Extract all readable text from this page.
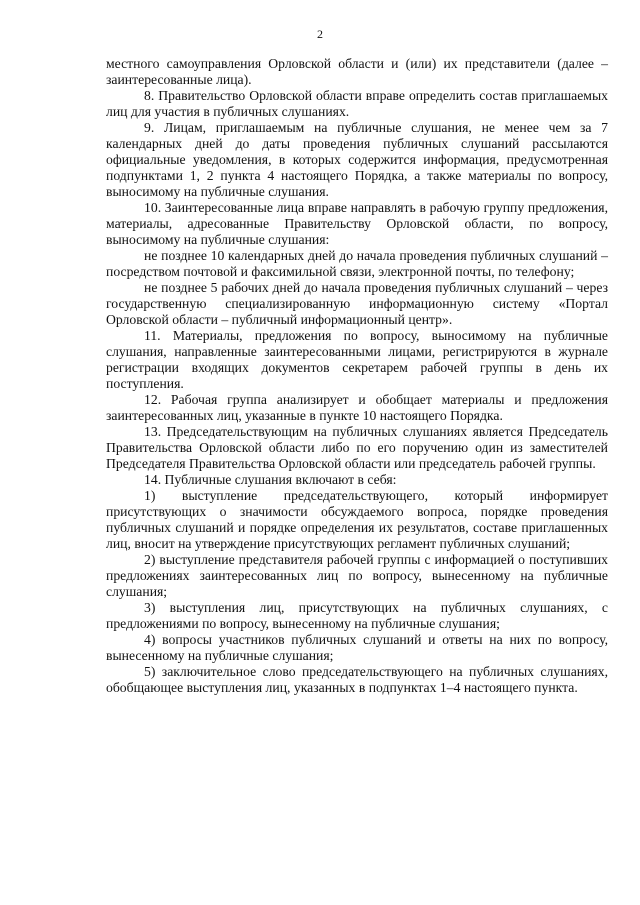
2

местного самоуправления Орловской области и (или) их представители (далее – заинтересованные лица).

8. Правительство Орловской области вправе определить состав приглашаемых лиц для участия в публичных слушаниях.

9. Лицам, приглашаемым на публичные слушания, не менее чем за 7 календарных дней до даты проведения публичных слушаний рассылаются официальные уведомления, в которых содержится информация, предусмотренная подпунктами 1, 2 пункта 4 настоящего Порядка, а также материалы по вопросу, выносимому на публичные слушания.

10. Заинтересованные лица вправе направлять в рабочую группу предложения, материалы, адресованные Правительству Орловской области, по вопросу, выносимому на публичные слушания:

не позднее 10 календарных дней до начала проведения публичных слушаний – посредством почтовой и факсимильной связи, электронной почты, по телефону;

не позднее 5 рабочих дней до начала проведения публичных слушаний – через государственную специализированную информационную систему «Портал Орловской области – публичный информационный центр».

11. Материалы, предложения по вопросу, выносимому на публичные слушания, направленные заинтересованными лицами, регистрируются в журнале регистрации входящих документов секретарем рабочей группы в день их поступления.

12. Рабочая группа анализирует и обобщает материалы и предложения заинтересованных лиц, указанные в пункте 10 настоящего Порядка.

13. Председательствующим на публичных слушаниях является Председатель Правительства Орловской области либо по его поручению один из заместителей Председателя Правительства Орловской области или председатель рабочей группы.

14. Публичные слушания включают в себя:

1) выступление председательствующего, который информирует присутствующих о значимости обсуждаемого вопроса, порядке проведения публичных слушаний и порядке определения их результатов, составе приглашенных лиц, вносит на утверждение присутствующих регламент публичных слушаний;

2) выступление представителя рабочей группы с информацией о поступивших предложениях заинтересованных лиц по вопросу, вынесенному на публичные слушания;

3) выступления лиц, присутствующих на публичных слушаниях, с предложениями по вопросу, вынесенному на публичные слушания;

4) вопросы участников публичных слушаний и ответы на них по вопросу, вынесенному на публичные слушания;

5) заключительное слово председательствующего на публичных слушаниях, обобщающее выступления лиц, указанных в подпунктах 1–4 настоящего пункта.
